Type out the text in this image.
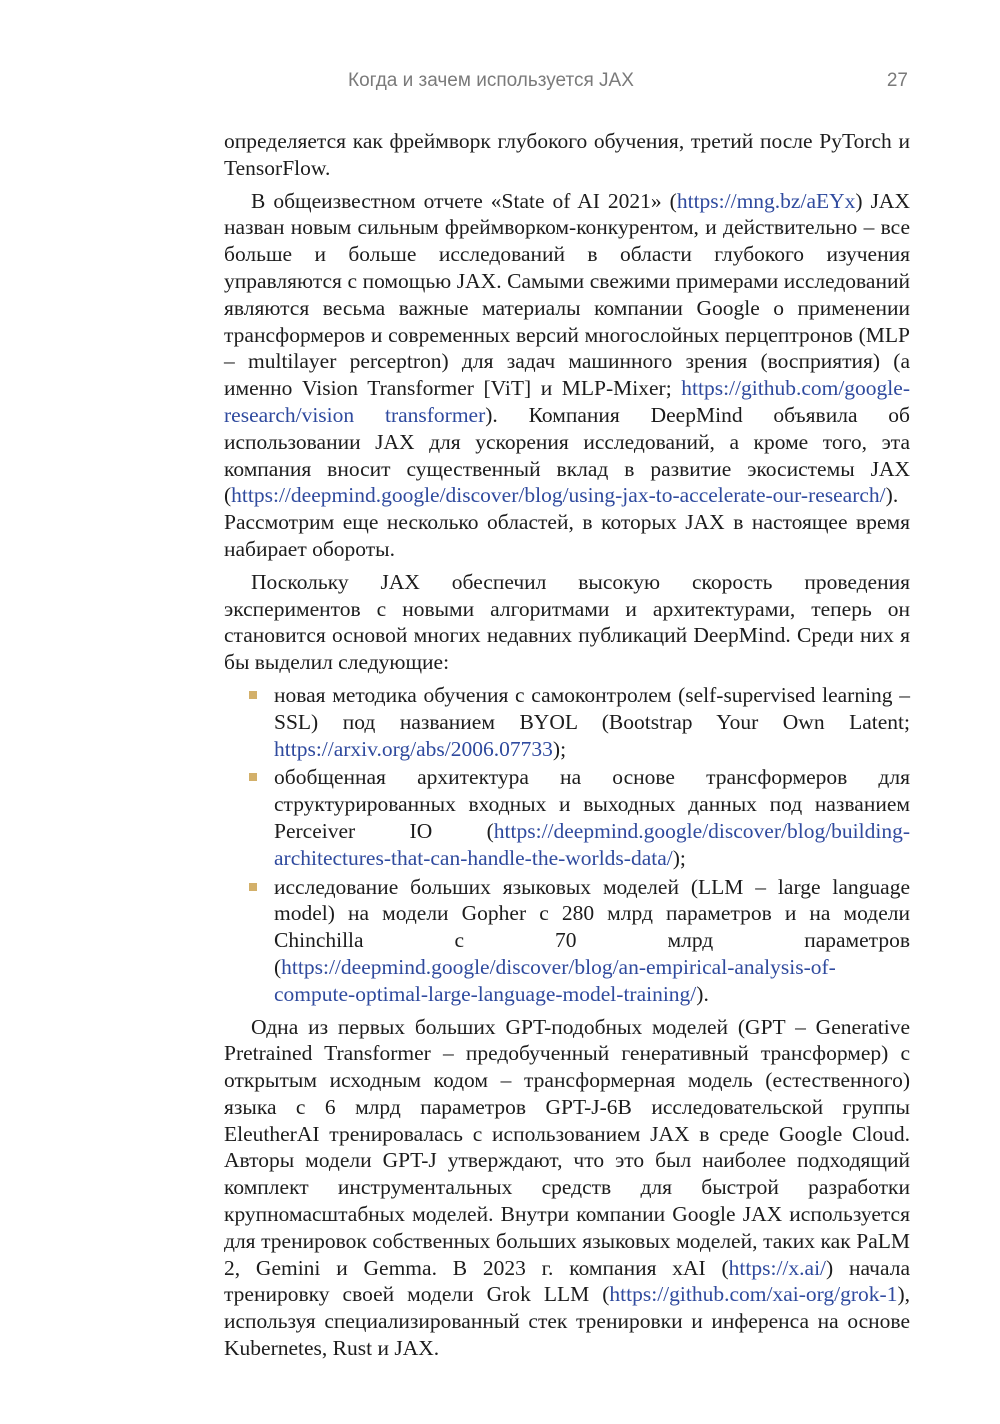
Когда и зачем используется JAX	27

определяется как фреймворк глубокого обучения, третий после PyTorch и TensorFlow.

В общеизвестном отчете «State of AI 2021» (https://mng.bz/aEYx) JAX назван новым сильным фреймворком-конкурентом, и действительно – все больше и больше исследований в области глубокого изучения управляются с помощью JAX. Самыми свежими примерами исследований являются весьма важные материалы компании Google о применении трансформеров и современных версий многослойных перцептронов (MLP – multilayer perceptron) для задач машинного зрения (восприятия) (а именно Vision Transformer [ViT] и MLP-Mixer; https://github.com/google-research/vision transformer). Компания DeepMind объявила об использовании JAX для ускорения исследований, а кроме того, эта компания вносит существенный вклад в развитие экосистемы JAX (https://deepmind.google/discover/blog/using-jax-to-accelerate-our-research/). Рассмотрим еще несколько областей, в которых JAX в настоящее время набирает обороты.

Поскольку JAX обеспечил высокую скорость проведения экспериментов с новыми алгоритмами и архитектурами, теперь он становится основой многих недавних публикаций DeepMind. Среди них я бы выделил следующие:

новая методика обучения с самоконтролем (self-supervised learning – SSL) под названием BYOL (Bootstrap Your Own Latent; https://arxiv.org/abs/2006.07733);
обобщенная архитектура на основе трансформеров для структурированных входных и выходных данных под названием Perceiver IO (https://deepmind.google/discover/blog/building-architectures-that-can-handle-the-worlds-data/);
исследование больших языковых моделей (LLM – large language model) на модели Gopher с 280 млрд параметров и на модели Chinchilla с 70 млрд параметров (https://deepmind.google/discover/blog/an-empirical-analysis-of-compute-optimal-large-language-model-training/).

Одна из первых больших GPT-подобных моделей (GPT – Generative Pretrained Transformer – предобученный генеративный трансформер) с открытым исходным кодом – трансформерная модель (естественного) языка с 6 млрд параметров GPT-J-6B исследовательской группы EleutherAI тренировалась с использованием JAX в среде Google Cloud. Авторы модели GPT-J утверждают, что это был наиболее подходящий комплект инструментальных средств для быстрой разработки крупномасштабных моделей. Внутри компании Google JAX используется для тренировок собственных больших языковых моделей, таких как PaLM 2, Gemini и Gemma. В 2023 г. компания xAI (https://x.ai/) начала тренировку своей модели Grok LLM (https://github.com/xai-org/grok-1), используя специализированный стек тренировки и инференса на основе Kubernetes, Rust и JAX.
